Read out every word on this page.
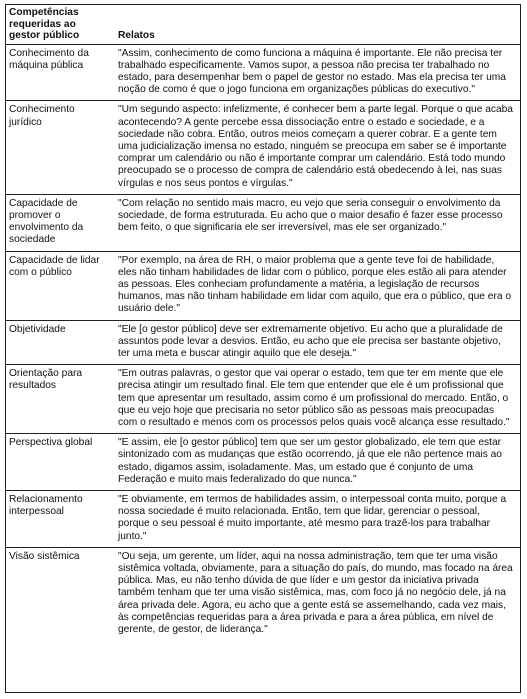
Competências requeridas ao gestor público	Relatos
Conhecimento da máquina pública	"Assim, conhecimento de como funciona a máquina é importante. Ele não precisa ter trabalhado especificamente. Vamos supor, a pessoa não precisa ter trabalhado no estado, para desempenhar bem o papel de gestor no estado. Mas ela precisa ter uma noção de como é que o jogo funciona em organizações públicas do executivo."
Conhecimento jurídico	"Um segundo aspecto: infelizmente, é conhecer bem a parte legal. Porque o que acaba acontecendo? A gente percebe essa dissociação entre o estado e sociedade, e a sociedade não cobra. Então, outros meios começam a querer cobrar. E a gente tem uma judicialização imensa no estado, ninguém se preocupa em saber se é importante comprar um calendário ou não é importante comprar um calendário. Está todo mundo preocupado se o processo de compra de calendário está obedecendo à lei, nas suas vírgulas e nos seus pontos e vírgulas."
Capacidade de promover o envolvimento da sociedade	"Com relação no sentido mais macro, eu vejo que seria conseguir o envolvimento da sociedade, de forma estruturada. Eu acho que o maior desafio é fazer esse processo bem feito, o que significaria ele ser irreversível, mas ele ser organizado."
Capacidade de lidar com o público	"Por exemplo, na área de RH, o maior problema que a gente teve foi de habilidade, eles não tinham habilidades de lidar com o público, porque eles estão ali para atender as pessoas. Eles conheciam profundamente a matéria, a legislação de recursos humanos, mas não tinham habilidade em lidar com aquilo, que era o público, que era o usuário dele."
Objetividade	"Ele [o gestor público] deve ser extremamente objetivo. Eu acho que a pluralidade de assuntos pode levar a desvios. Então, eu acho que ele precisa ser bastante objetivo, ter uma meta e buscar atingir aquilo que ele deseja."
Orientação para resultados	"Em outras palavras, o gestor que vai operar o estado, tem que ter em mente que ele precisa atingir um resultado final. Ele tem que entender que ele é um profissional que tem que apresentar um resultado, assim como é um profissional do mercado. Então, o que eu vejo hoje que precisaria no setor público são as pessoas mais preocupadas com o resultado e menos com os processos pelos quais você alcança esse resultado."
Perspectiva global	"E assim, ele [o gestor público] tem que ser um gestor globalizado, ele tem que estar sintonizado com as mudanças que estão ocorrendo, já que ele não pertence mais ao estado, digamos assim, isoladamente. Mas, um estado que é conjunto de uma Federação e muito mais federalizado do que nunca."
Relacionamento interpessoal	"E obviamente, em termos de habilidades assim, o interpessoal conta muito, porque a nossa sociedade é muito relacionada. Então, tem que lidar, gerenciar o pessoal, porque o seu pessoal é muito importante, até mesmo para trazê-los para trabalhar junto."
Visão sistêmica	"Ou seja, um gerente, um líder, aqui na nossa administração, tem que ter uma visão sistêmica voltada, obviamente, para a situação do país, do mundo, mas focado na área pública. Mas, eu não tenho dúvida de que líder e um gestor da iniciativa privada também tenham que ter uma visão sistêmica, mas, com foco já no negócio dele, já na área privada dele. Agora, eu acho que a gente está se assemelhando, cada vez mais, às competências requeridas para a área privada e para a área pública, em nível de gerente, de gestor, de liderança."
